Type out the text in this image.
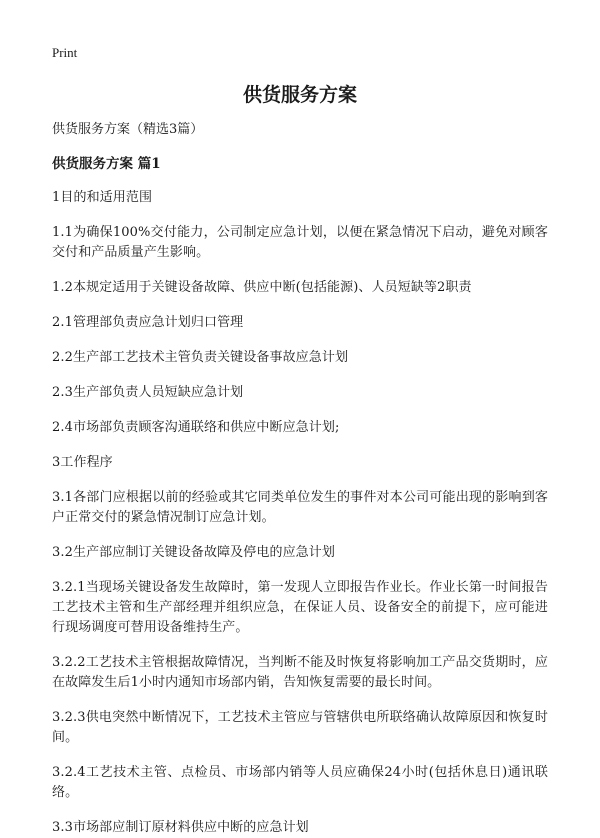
Print
供货服务方案
供货服务方案（精选3篇）
供货服务方案 篇1
1目的和适用范围
1.1为确保100%交付能力，公司制定应急计划，以便在紧急情况下启动，避免对顾客交付和产品质量产生影响。
1.2本规定适用于关键设备故障、供应中断(包括能源)、人员短缺等2职责
2.1管理部负责应急计划归口管理
2.2生产部工艺技术主管负责关键设备事故应急计划
2.3生产部负责人员短缺应急计划
2.4市场部负责顾客沟通联络和供应中断应急计划;
3工作程序
3.1各部门应根据以前的经验或其它同类单位发生的事件对本公司可能出现的影响到客户正常交付的紧急情况制订应急计划。
3.2生产部应制订关键设备故障及停电的应急计划
3.2.1当现场关键设备发生故障时，第一发现人立即报告作业长。作业长第一时间报告工艺技术主管和生产部经理并组织应急，在保证人员、设备安全的前提下，应可能进行现场调度可替用设备维持生产。
3.2.2工艺技术主管根据故障情况，当判断不能及时恢复将影响加工产品交货期时，应在故障发生后1小时内通知市场部内销，告知恢复需要的最长时间。
3.2.3供电突然中断情况下，工艺技术主管应与管辖供电所联络确认故障原因和恢复时间。
3.2.4工艺技术主管、点检员、市场部内销等人员应确保24小时(包括休息日)通讯联络。
3.3市场部应制订原材料供应中断的应急计划
